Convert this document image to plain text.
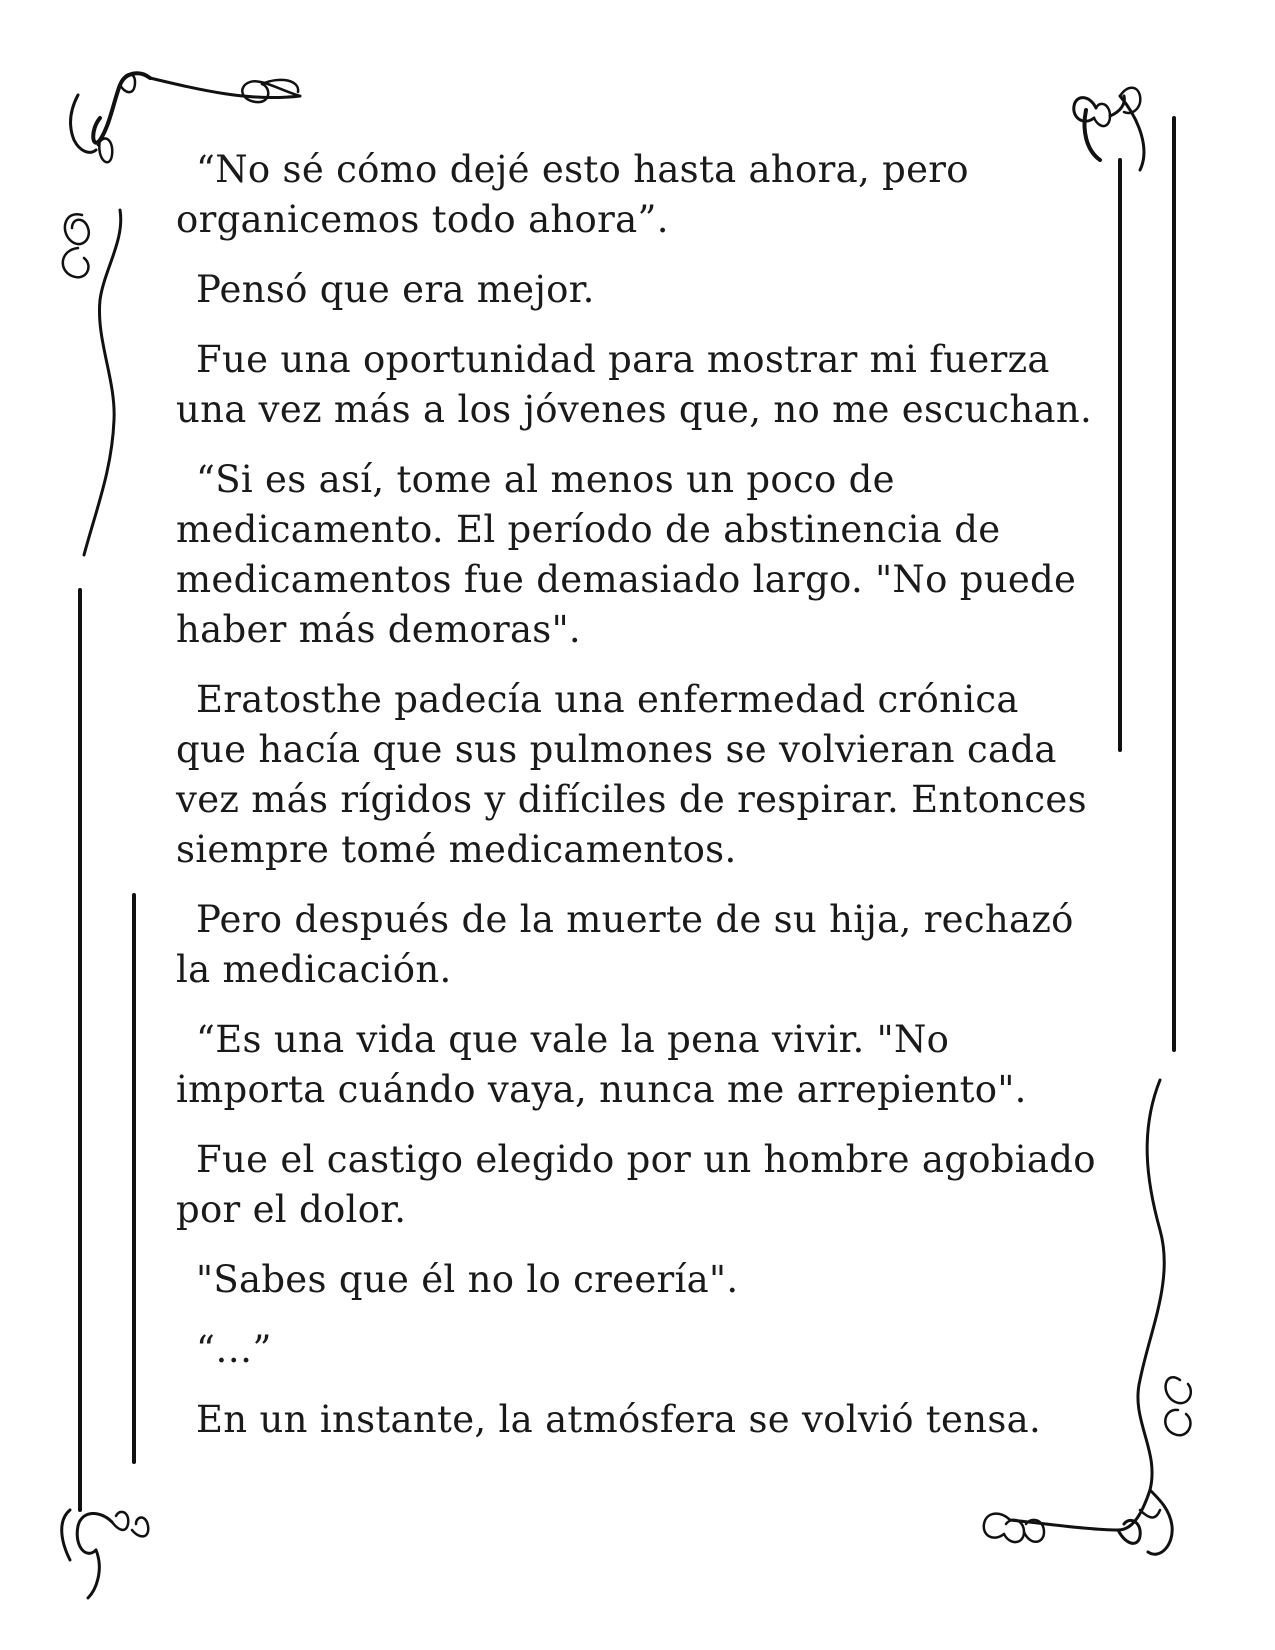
“No sé cómo dejé esto hasta ahora, pero
organicemos todo ahora”.

Pensó que era mejor.

Fue una oportunidad para mostrar mi fuerza
una vez más a los jóvenes que, no me escuchan.

“Si es así, tome al menos un poco de
medicamento. El período de abstinencia de
medicamentos fue demasiado largo. "No puede
haber más demoras".

Eratosthe padecía una enfermedad crónica
que hacía que sus pulmones se volvieran cada
vez más rígidos y difíciles de respirar. Entonces
siempre tomé medicamentos.

Pero después de la muerte de su hija, rechazó
la medicación.

“Es una vida que vale la pena vivir. "No
importa cuándo vaya, nunca me arrepiento".

Fue el castigo elegido por un hombre agobiado
por el dolor.

"Sabes que él no lo creería".

“…”

En un instante, la atmósfera se volvió tensa.
